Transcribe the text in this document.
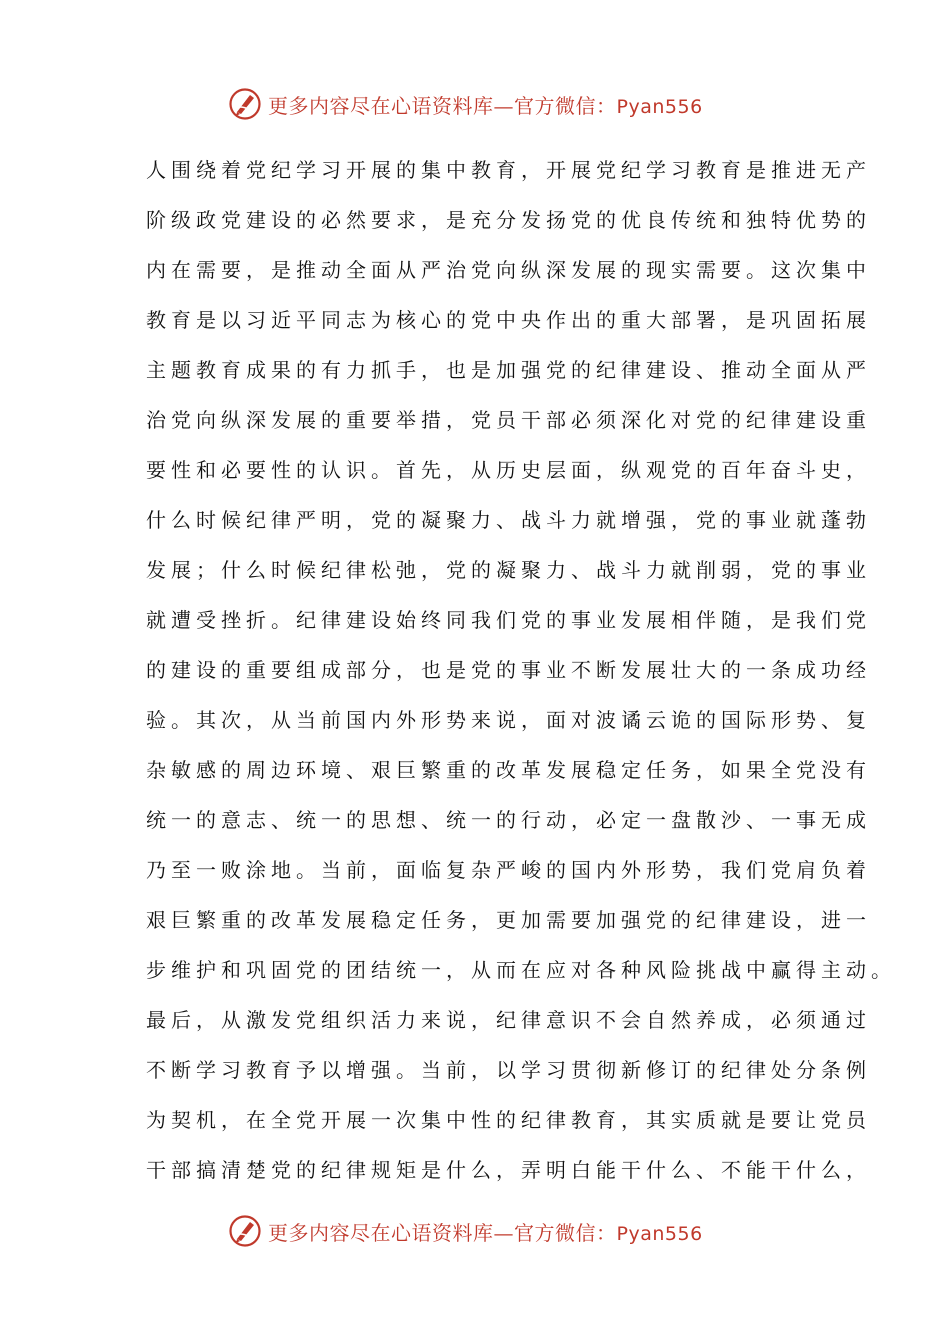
更多内容尽在心语资料库—官方微信：Pyan556
人围绕着党纪学习开展的集中教育，开展党纪学习教育是推进无产
阶级政党建设的必然要求，是充分发扬党的优良传统和独特优势的
内在需要，是推动全面从严治党向纵深发展的现实需要。这次集中
教育是以习近平同志为核心的党中央作出的重大部署，是巩固拓展
主题教育成果的有力抓手，也是加强党的纪律建设、推动全面从严
治党向纵深发展的重要举措，党员干部必须深化对党的纪律建设重
要性和必要性的认识。首先，从历史层面，纵观党的百年奋斗史，
什么时候纪律严明，党的凝聚力、战斗力就增强，党的事业就蓬勃
发展；什么时候纪律松弛，党的凝聚力、战斗力就削弱，党的事业
就遭受挫折。纪律建设始终同我们党的事业发展相伴随，是我们党
的建设的重要组成部分，也是党的事业不断发展壮大的一条成功经
验。其次，从当前国内外形势来说，面对波谲云诡的国际形势、复
杂敏感的周边环境、艰巨繁重的改革发展稳定任务，如果全党没有
统一的意志、统一的思想、统一的行动，必定一盘散沙、一事无成
乃至一败涂地。当前，面临复杂严峻的国内外形势，我们党肩负着
艰巨繁重的改革发展稳定任务，更加需要加强党的纪律建设，进一
步维护和巩固党的团结统一，从而在应对各种风险挑战中赢得主动。
最后，从激发党组织活力来说，纪律意识不会自然养成，必须通过
不断学习教育予以增强。当前，以学习贯彻新修订的纪律处分条例
为契机，在全党开展一次集中性的纪律教育，其实质就是要让党员
干部搞清楚党的纪律规矩是什么，弄明白能干什么、不能干什么，
更多内容尽在心语资料库—官方微信：Pyan556
